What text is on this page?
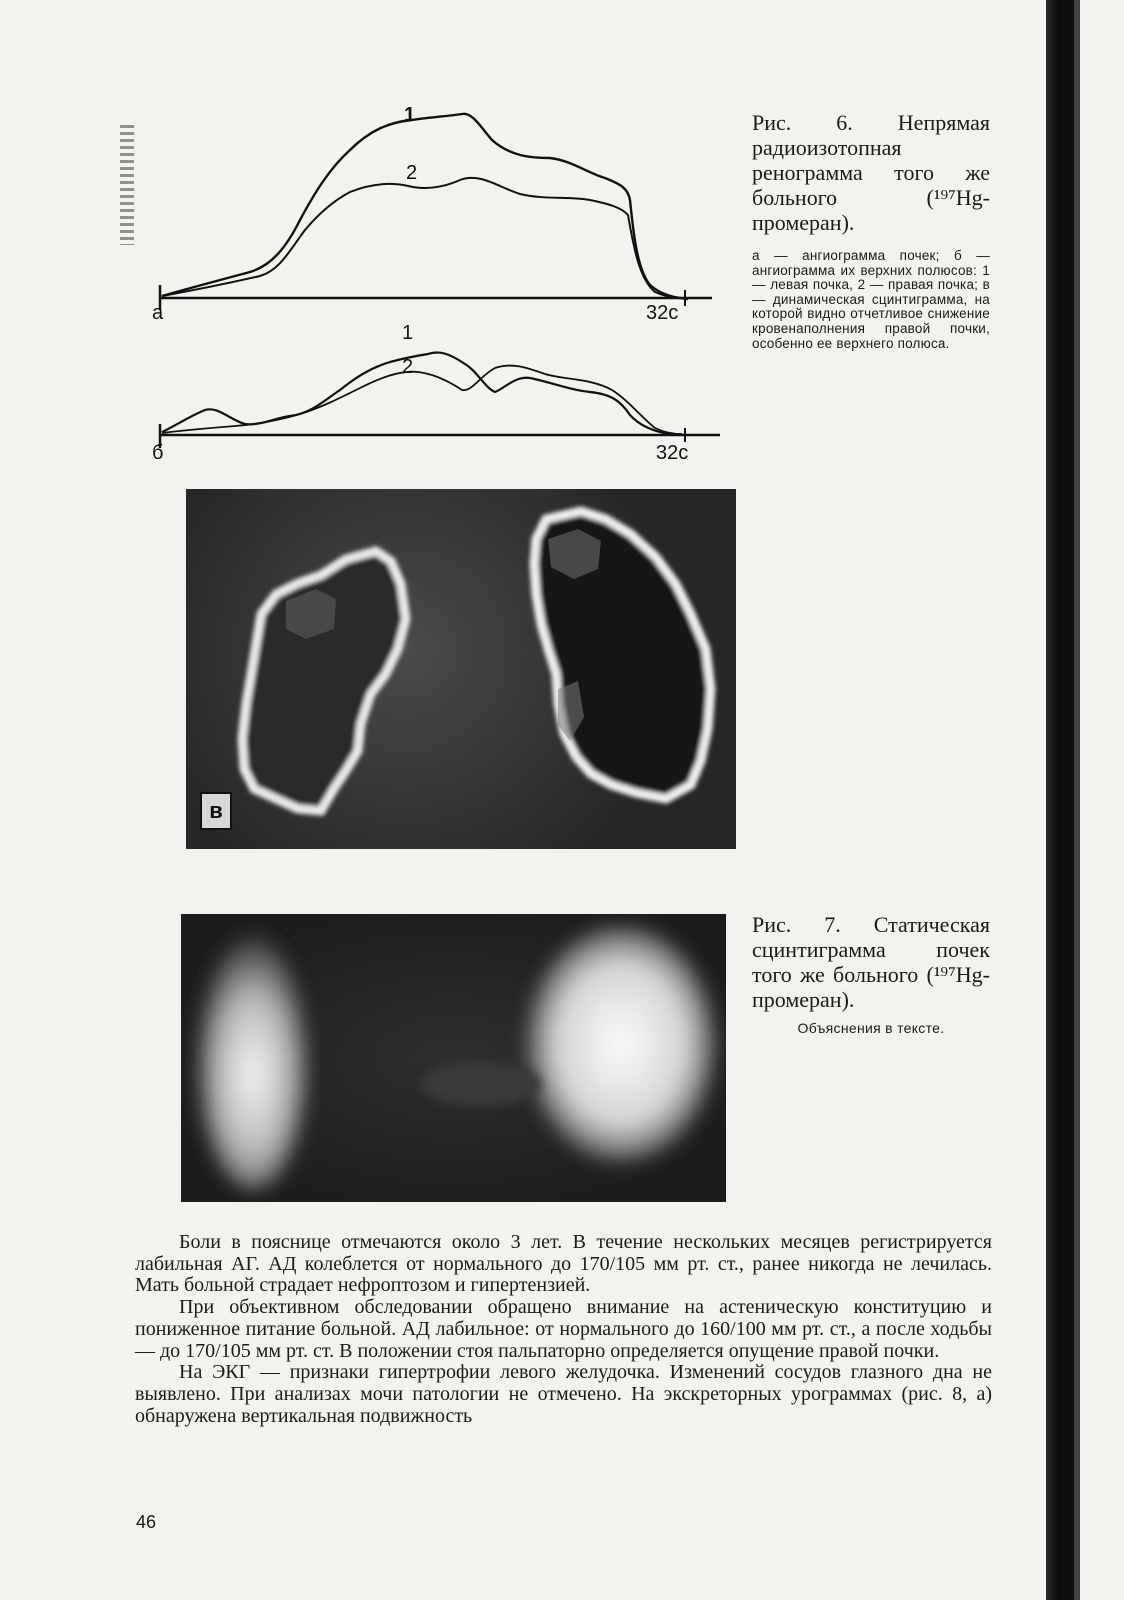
а	32с
1
2
б	32с
1
2
Рис. 6. Непрямая радиоизотопная ренограмма того же больного (¹⁹⁷Hg-промеран).
а — ангиограмма почек; б — ангиограмма их верхних полюсов: 1 — левая почка, 2 — правая почка; в — динамическая сцинтиграмма, на которой видно отчетливое снижение кровенаполнения правой почки, особенно ее верхнего полюса.
в
Рис. 7. Статическая сцинтиграмма почек того же больного (¹⁹⁷Hg-промеран).
Объяснения в тексте.

Боли в пояснице отмечаются около 3 лет. В течение нескольких месяцев регистрируется лабильная АГ. АД колеблется от нормального до 170/105 мм рт. ст., ранее никогда не лечилась. Мать больной страдает нефроптозом и гипертензией.

При объективном обследовании обращено внимание на астеническую конституцию и пониженное питание больной. АД лабильное: от нормального до 160/100 мм рт. ст., а после ходьбы — до 170/105 мм рт. ст. В положении стоя пальпаторно определяется опущение правой почки.

На ЭКГ — признаки гипертрофии левого желудочка. Изменений сосудов глазного дна не выявлено. При анализах мочи патологии не отмечено. На экскреторных урограммах (рис. 8, а) обнаружена вертикальная подвижность

46
